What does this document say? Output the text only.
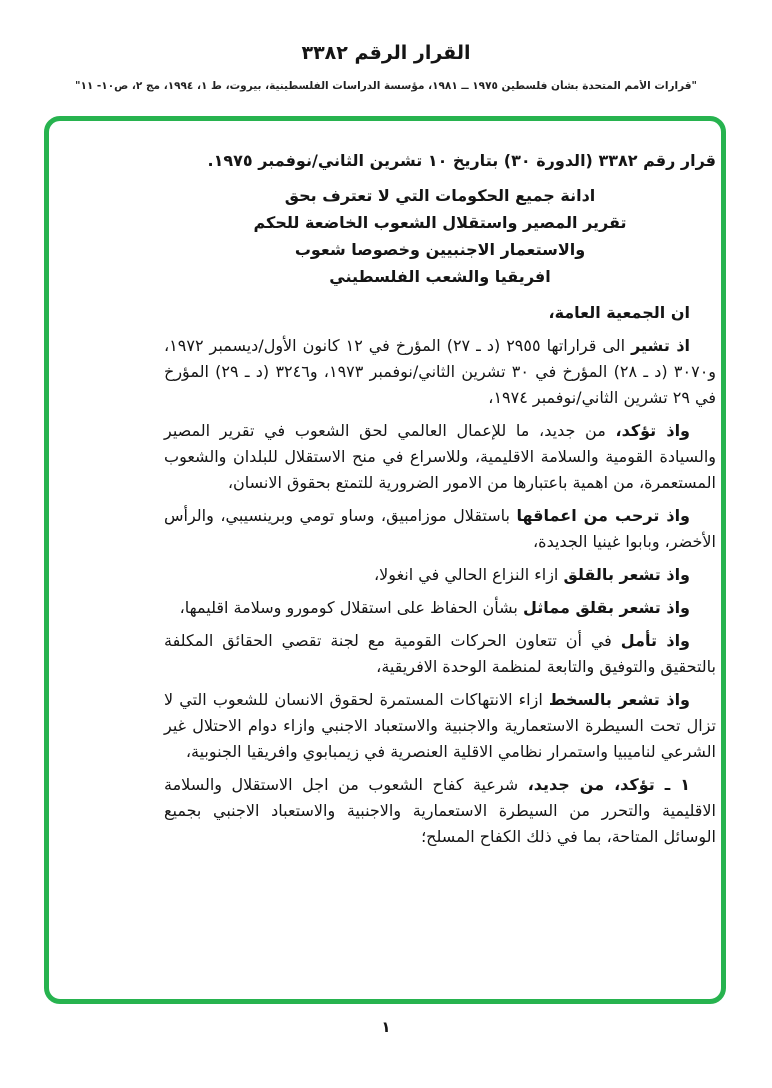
القرار الرقم ٣٣٨٢
"قرارات الأمم المتحدة بشأن فلسطين ١٩٧٥ ــ ١٩٨١، مؤسسة الدراسات الفلسطينية، بيروت، ط ١، ١٩٩٤، مج ٢، ص١٠- ١١"

قرار رقم ٣٣٨٢ (الدورة ٣٠) بتاريخ ١٠ تشرين الثاني/نوفمبر ١٩٧٥.

ادانة جميع الحكومات التي لا تعترف بحق
تقرير المصير واستقلال الشعوب الخاضعة للحكم
والاستعمار الاجنبيين وخصوصا شعوب
افريقيا والشعب الفلسطيني

ان الجمعية العامة،

اذ تشير الى قراراتها ٢٩٥٥ (د ـ ٢٧) المؤرخ في ١٢ كانون الأول/ديسمبر ١٩٧٢، و٣٠٧٠ (د ـ ٢٨) المؤرخ في ٣٠ تشرين الثاني/نوفمبر ١٩٧٣، و٣٢٤٦ (د ـ ٢٩) المؤرخ في ٢٩ تشرين الثاني/نوفمبر ١٩٧٤،

واذ تؤكد، من جديد، ما للإعمال العالمي لحق الشعوب في تقرير المصير والسيادة القومية والسلامة الاقليمية، وللاسراع في منح الاستقلال للبلدان والشعوب المستعمرة، من اهمية باعتبارها من الامور الضرورية للتمتع بحقوق الانسان،

واذ ترحب من اعماقها باستقلال موزامبيق، وساو تومي وبرينسيبي، والرأس الأخضر، وبابوا غينيا الجديدة،

واذ تشعر بالقلق ازاء النزاع الحالي في انغولا،

واذ تشعر بقلق مماثل بشأن الحفاظ على استقلال كومورو وسلامة اقليمها،

واذ تأمل في أن تتعاون الحركات القومية مع لجنة تقصي الحقائق المكلفة بالتحقيق والتوفيق والتابعة لمنظمة الوحدة الافريقية،

واذ تشعر بالسخط ازاء الانتهاكات المستمرة لحقوق الانسان للشعوب التي لا تزال تحت السيطرة الاستعمارية والاجنبية والاستعباد الاجنبي وازاء دوام الاحتلال غير الشرعي لناميبيا واستمرار نظامي الاقلية العنصرية في زيمبابوي وافريقيا الجنوبية،

١ ـ تؤكد، من جديد، شرعية كفاح الشعوب من اجل الاستقلال والسلامة الاقليمية والتحرر من السيطرة الاستعمارية والاجنبية والاستعباد الاجنبي بجميع الوسائل المتاحة، بما في ذلك الكفاح المسلح؛

١
